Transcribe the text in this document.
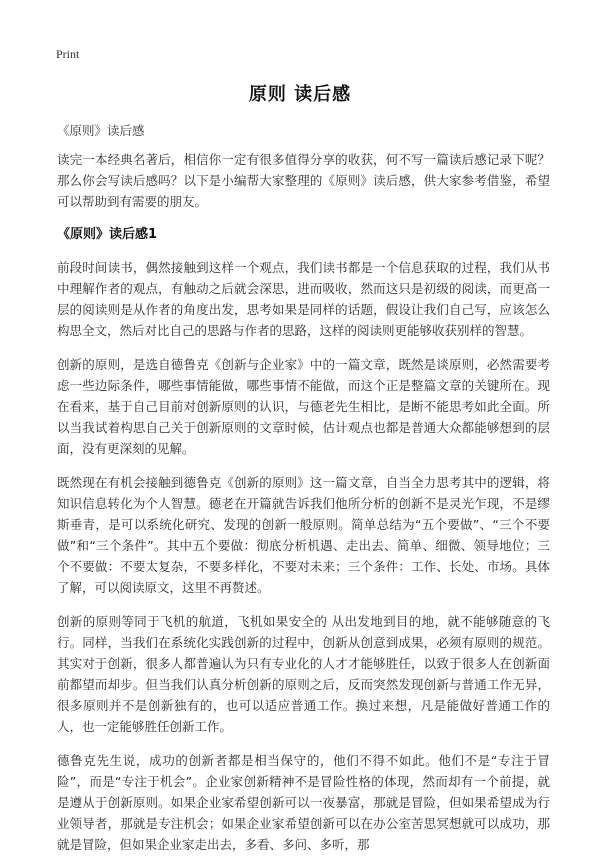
Print
原则 读后感
《原则》读后感

读完一本经典名著后，相信你一定有很多值得分享的收获，何不写一篇读后感记录下呢？那么你会写读后感吗？以下是小编帮大家整理的《原则》读后感，供大家参考借鉴，希望可以帮助到有需要的朋友。

《原则》读后感1

前段时间读书，偶然接触到这样一个观点，我们读书都是一个信息获取的过程，我们从书中理解作者的观点，有触动之后就会深思，进而吸收，然而这只是初级的阅读，而更高一层的阅读则是从作者的角度出发，思考如果是同样的话题，假设让我们自己写，应该怎么构思全文，然后对比自己的思路与作者的思路，这样的阅读则更能够收获别样的智慧。

创新的原则，是选自德鲁克《创新与企业家》中的一篇文章，既然是谈原则，必然需要考虑一些边际条件，哪些事情能做，哪些事情不能做，而这个正是整篇文章的关键所在。现在看来，基于自己目前对创新原则的认识，与德老先生相比，是断不能思考如此全面。所以当我试着构思自己关于创新原则的文章时候，估计观点也都是普通大众都能够想到的层面，没有更深刻的见解。

既然现在有机会接触到德鲁克《创新的原则》这一篇文章，自当全力思考其中的逻辑，将知识信息转化为个人智慧。德老在开篇就告诉我们他所分析的创新不是灵光乍现，不是缪斯垂青，是可以系统化研究、发现的创新一般原则。简单总结为“五个要做”、“三个不要做”和“三个条件”。其中五个要做：彻底分析机遇、走出去、简单、细微、领导地位；三个不要做：不要太复杂，不要多样化，不要对未来；三个条件：工作、长处、市场。具体了解，可以阅读原文，这里不再赘述。

创新的原则等同于飞机的航道，飞机如果安全的 从出发地到目的地，就不能够随意的飞行。同样，当我们在系统化实践创新的过程中，创新从创意到成果，必须有原则的规范。其实对于创新，很多人都普遍认为只有专业化的人才才能够胜任，以致于很多人在创新面前都望而却步。但当我们认真分析创新的原则之后，反而突然发现创新与普通工作无异，很多原则并不是创新独有的，也可以适应普通工作。换过来想，凡是能做好普通工作的人，也一定能够胜任创新工作。

德鲁克先生说，成功的创新者都是相当保守的，他们不得不如此。他们不是“专注于冒险”，而是“专注于机会”。企业家创新精神不是冒险性格的体现，然而却有一个前提，就是遵从于创新原则。如果企业家希望创新可以一夜暴富，那就是冒险，但如果希望成为行业领导者，那就是专注机会；如果企业家希望创新可以在办公室苦思冥想就可以成功，那就是冒险，但如果企业家走出去，多看、多问、多听，那
